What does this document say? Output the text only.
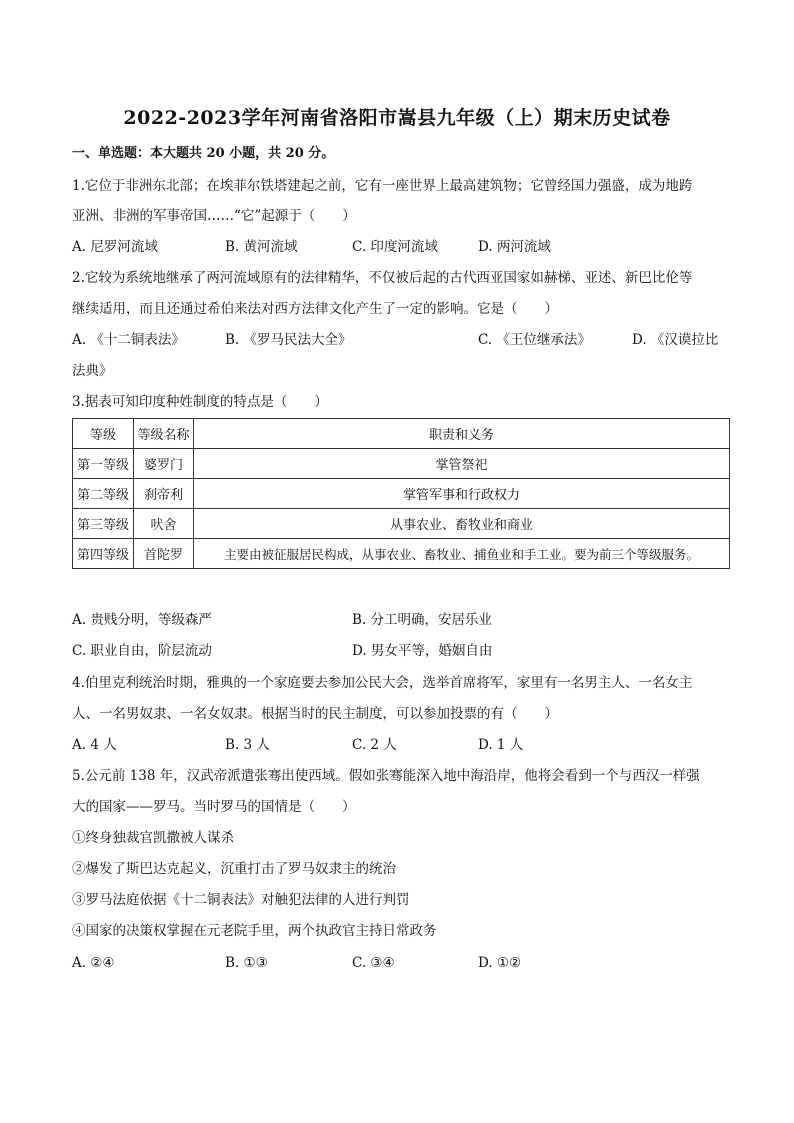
2022-2023学年河南省洛阳市嵩县九年级（上）期末历史试卷
一、单选题：本大题共 20 小题，共 20 分。
1.它位于非洲东北部；在埃菲尔铁塔建起之前，它有一座世界上最高建筑物；它曾经国力强盛，成为地跨
亚洲、非洲的军事帝国……“它”起源于（　　）
A. 尼罗河流域	B. 黄河流域	C. 印度河流域	D. 两河流域
2.它较为系统地继承了两河流域原有的法律精华，不仅被后起的古代西亚国家如赫梯、亚述、新巴比伦等
继续适用，而且还通过希伯来法对西方法律文化产生了一定的影响。它是（　　）
A. 《十二铜表法》	B. 《罗马民法大全》	C. 《王位继承法》	D. 《汉谟拉比
法典》
3.据表可知印度种姓制度的特点是（　　）
等级	等级名称	职责和义务
第一等级	婆罗门	掌管祭祀
第二等级	刹帝利	掌管军事和行政权力
第三等级	吠舍	从事农业、畜牧业和商业
第四等级	首陀罗	主要由被征服居民构成，从事农业、畜牧业、捕鱼业和手工业。要为前三个等级服务。
A. 贵贱分明，等级森严	B. 分工明确，安居乐业
C. 职业自由，阶层流动	D. 男女平等，婚姻自由
4.伯里克利统治时期，雅典的一个家庭要去参加公民大会，选举首席将军，家里有一名男主人、一名女主
人、一名男奴隶、一名女奴隶。根据当时的民主制度，可以参加投票的有（　　）
A. 4 人	B. 3 人	C. 2 人	D. 1 人
5.公元前 138 年，汉武帝派遣张骞出使西域。假如张骞能深入地中海沿岸，他将会看到一个与西汉一样强
大的国家——罗马。当时罗马的国情是（　　）
①终身独裁官凯撒被人谋杀
②爆发了斯巴达克起义，沉重打击了罗马奴隶主的统治
③罗马法庭依据《十二铜表法》对触犯法律的人进行判罚
④国家的决策权掌握在元老院手里，两个执政官主持日常政务
A. ②④	B. ①③	C. ③④	D. ①②
